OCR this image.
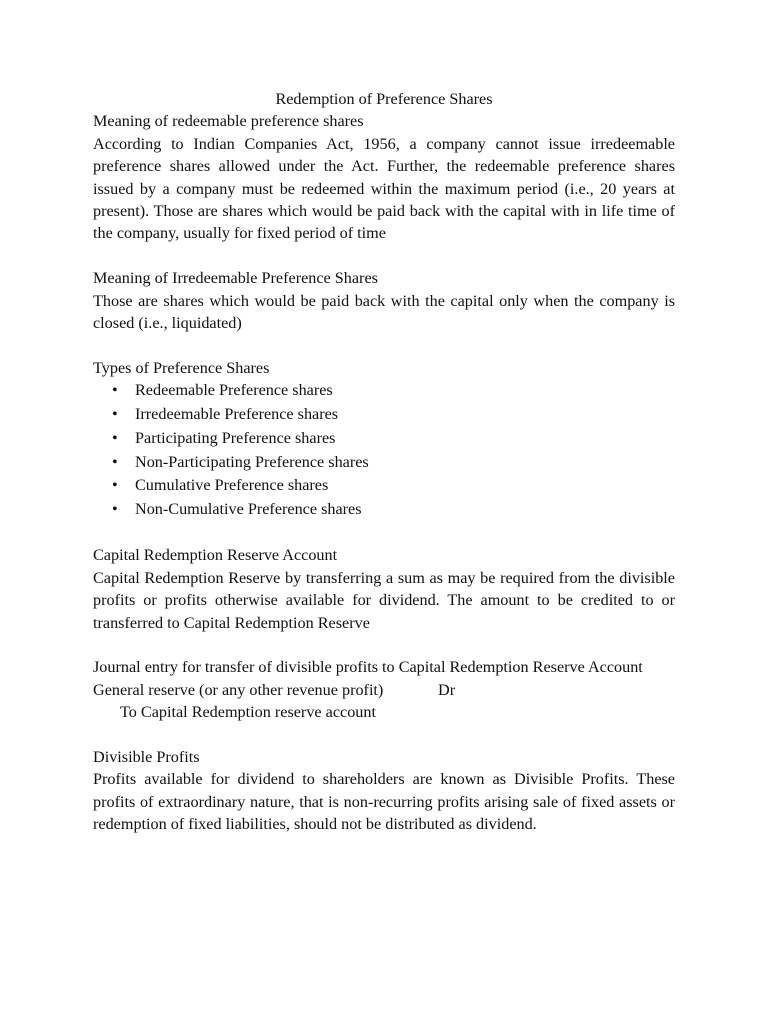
Redemption of Preference Shares

Meaning of redeemable preference shares

According to Indian Companies Act, 1956, a company cannot issue irredeemable preference shares allowed under the Act. Further, the redeemable preference shares issued by a company must be redeemed within the maximum period (i.e., 20 years at present). Those are shares which would be paid back with the capital with in life time of the company, usually for fixed period of time

Meaning of Irredeemable Preference Shares

Those are shares which would be paid back with the capital only when the company is closed (i.e., liquidated)

Types of Preference Shares

• Redeemable Preference shares
• Irredeemable Preference shares
• Participating Preference shares
• Non-Participating Preference shares
• Cumulative Preference shares
• Non-Cumulative Preference shares

Capital Redemption Reserve Account

Capital Redemption Reserve by transferring a sum as may be required from the divisible profits or profits otherwise available for dividend. The amount to be credited to or transferred to Capital Redemption Reserve

Journal entry for transfer of divisible profits to Capital Redemption Reserve Account

General reserve (or any other revenue profit)	Dr

To Capital Redemption reserve account

Divisible Profits

Profits available for dividend to shareholders are known as Divisible Profits. These profits of extraordinary nature, that is non-recurring profits arising sale of fixed assets or redemption of fixed liabilities, should not be distributed as dividend.
